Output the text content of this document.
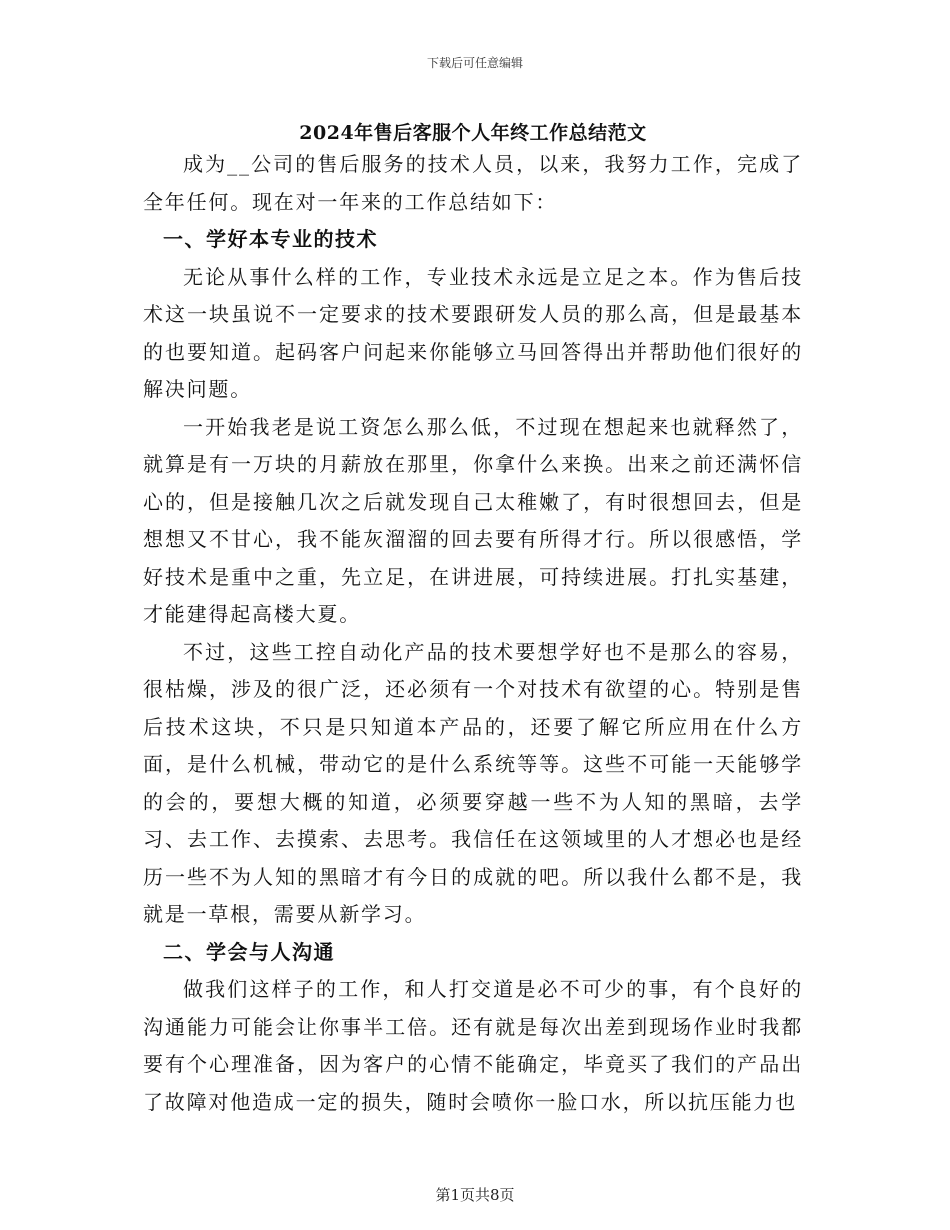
下载后可任意编辑
2024年售后客服个人年终工作总结范文

成为__公司的售后服务的技术人员，以来，我努力工作，完成了全年任何。现在对一年来的工作总结如下：

一、学好本专业的技术

无论从事什么样的工作，专业技术永远是立足之本。作为售后技术这一块虽说不一定要求的技术要跟研发人员的那么高，但是最基本的也要知道。起码客户问起来你能够立马回答得出并帮助他们很好的解决问题。

一开始我老是说工资怎么那么低，不过现在想起来也就释然了，就算是有一万块的月薪放在那里，你拿什么来换。出来之前还满怀信心的，但是接触几次之后就发现自己太稚嫩了，有时很想回去，但是想想又不甘心，我不能灰溜溜的回去要有所得才行。所以很感悟，学好技术是重中之重，先立足，在讲进展，可持续进展。打扎实基建，才能建得起高楼大夏。

不过，这些工控自动化产品的技术要想学好也不是那么的容易，很枯燥，涉及的很广泛，还必须有一个对技术有欲望的心。特别是售后技术这块，不只是只知道本产品的，还要了解它所应用在什么方面，是什么机械，带动它的是什么系统等等。这些不可能一天能够学的会的，要想大概的知道，必须要穿越一些不为人知的黑暗，去学习、去工作、去摸索、去思考。我信任在这领域里的人才想必也是经历一些不为人知的黑暗才有今日的成就的吧。所以我什么都不是，我就是一草根，需要从新学习。

二、学会与人沟通

做我们这样子的工作，和人打交道是必不可少的事，有个良好的沟通能力可能会让你事半工倍。还有就是每次出差到现场作业时我都要有个心理准备，因为客户的心情不能确定，毕竟买了我们的产品出了故障对他造成一定的损失，随时会喷你一脸口水，所以抗压能力也

第1页共8页
